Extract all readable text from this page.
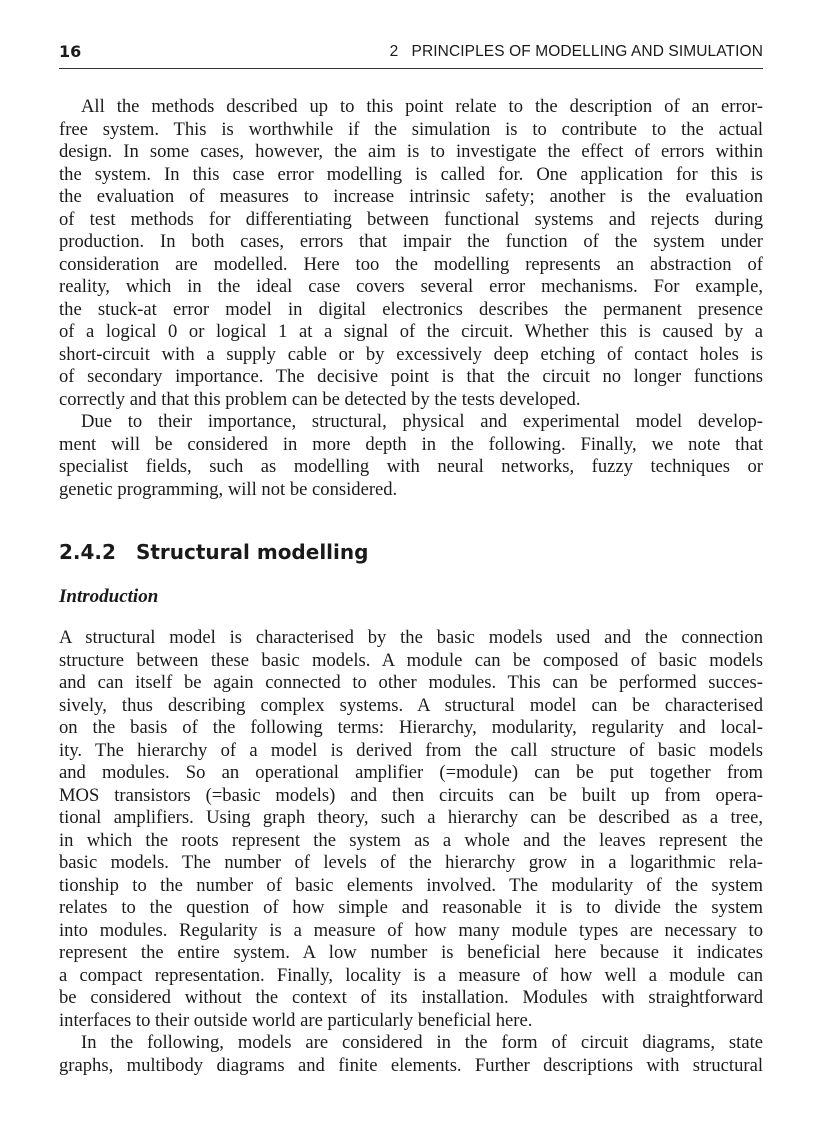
16	2   PRINCIPLES OF MODELLING AND SIMULATION
All the methods described up to this point relate to the description of an error-
free system. This is worthwhile if the simulation is to contribute to the actual
design. In some cases, however, the aim is to investigate the effect of errors within
the system. In this case error modelling is called for. One application for this is
the evaluation of measures to increase intrinsic safety; another is the evaluation
of test methods for differentiating between functional systems and rejects during
production. In both cases, errors that impair the function of the system under
consideration are modelled. Here too the modelling represents an abstraction of
reality, which in the ideal case covers several error mechanisms. For example,
the stuck-at error model in digital electronics describes the permanent presence
of a logical 0 or logical 1 at a signal of the circuit. Whether this is caused by a
short-circuit with a supply cable or by excessively deep etching of contact holes is
of secondary importance. The decisive point is that the circuit no longer functions
correctly and that this problem can be detected by the tests developed.
Due to their importance, structural, physical and experimental model develop-
ment will be considered in more depth in the following. Finally, we note that
specialist fields, such as modelling with neural networks, fuzzy techniques or
genetic programming, will not be considered.
2.4.2 Structural modelling
Introduction
A structural model is characterised by the basic models used and the connection
structure between these basic models. A module can be composed of basic models
and can itself be again connected to other modules. This can be performed succes-
sively, thus describing complex systems. A structural model can be characterised
on the basis of the following terms: Hierarchy, modularity, regularity and local-
ity. The hierarchy of a model is derived from the call structure of basic models
and modules. So an operational amplifier (=module) can be put together from
MOS transistors (=basic models) and then circuits can be built up from opera-
tional amplifiers. Using graph theory, such a hierarchy can be described as a tree,
in which the roots represent the system as a whole and the leaves represent the
basic models. The number of levels of the hierarchy grow in a logarithmic rela-
tionship to the number of basic elements involved. The modularity of the system
relates to the question of how simple and reasonable it is to divide the system
into modules. Regularity is a measure of how many module types are necessary to
represent the entire system. A low number is beneficial here because it indicates
a compact representation. Finally, locality is a measure of how well a module can
be considered without the context of its installation. Modules with straightforward
interfaces to their outside world are particularly beneficial here.
In the following, models are considered in the form of circuit diagrams, state
graphs, multibody diagrams and finite elements. Further descriptions with structural
